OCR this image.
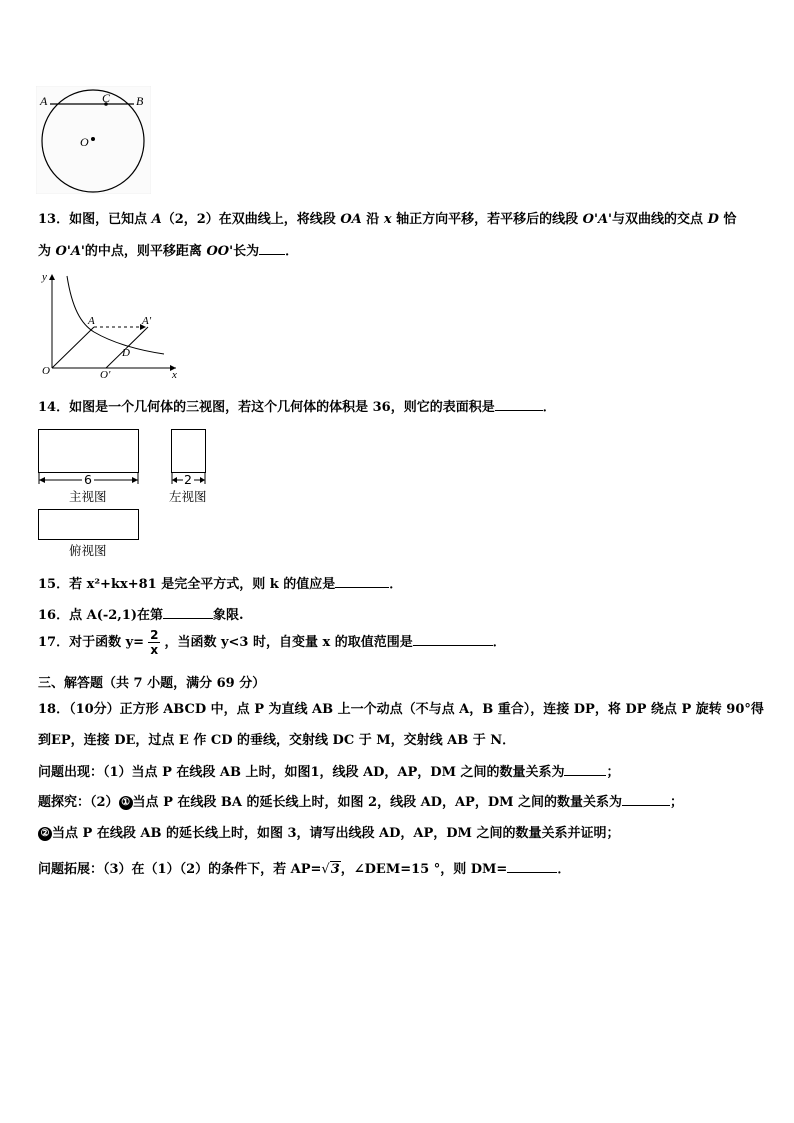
A	C B
O
13．如图，已知点 A（2，2）在双曲线上，将线段 OA 沿 x 轴正方向平移，若平移后的线段 O'A'与双曲线的交点 D 恰
为 O'A'的中点，则平移距离 OO'长为 ．
y
x
O
A	A'
D
O'
14．如图是一个几何体的三视图，若这个几何体的体积是 36，则它的表面积是	．
6
主视图
2
左视图
俯视图
15．若 x²+kx+81 是完全平方式，则 k 的值应是	．
16．点 A(-2,1)在第	象限.
17．对于函数 $y= \frac{2}{x}$ ，当函数 y<3 时，自变量 x 的取值范围是	．
三、解答题（共 7 小题，满分 69 分）
18．（10分）正方形 ABCD 中，点 P 为直线 AB 上一个动点（不与点 A，B 重合），连接 DP，将 DP 绕点 P 旋转 90°得
到EP，连接 DE，过点 E 作 CD 的垂线，交射线 DC 于 M，交射线 AB 于 N．
问题出现：（1）当点 P 在线段 AB 上时，如图1，线段 AD，AP，DM 之间的数量关系为	；
题探究：（2） ① 当点 P 在线段 BA 的延长线上时，如图 2，线段 AD，AP，DM 之间的数量关系为	；
② 当点 P 在线段 AB 的延长线上时，如图 3，请写出线段 AD，AP，DM 之间的数量关系并证明；
问题拓展：（3）在（1）（2）的条件下，若 AP=√3，∠DEM=15 °，则 DM=	．
